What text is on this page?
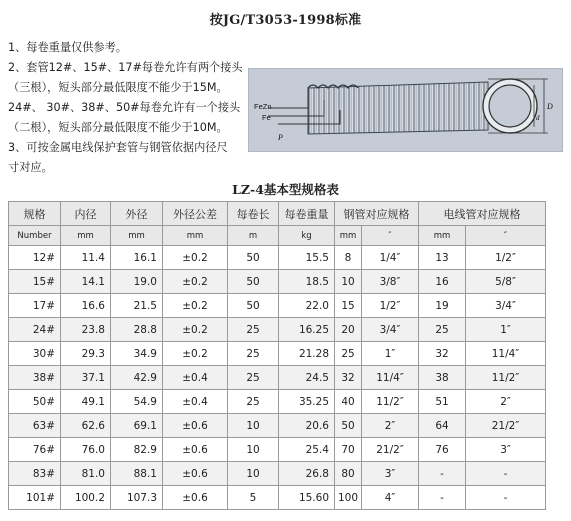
按JG/T3053-1998标准
1、每卷重量仅供参考。
2、套管12#、15#、17#每卷允许有两个接头
（三根），短头部分最低限度不能少于15M。
24#、 30#、38#、50#每卷允许有一个接头
（二根），短头部分最低限度不能少于10M。
3、可按金属电线保护套管与钢管依据内径尺
寸对应。
FeZn
Fe
P
D
d
LZ-4基本型规格表
规格	内径	外径	外径公差	每卷长	每卷重量	钢管对应规格		电线管对应规格	
Number	mm	mm	mm	m	kg	mm	″	mm	″
12#	11.4	16.1	±0.2	50	15.5	8	1/4″	13	1/2″
15#	14.1	19.0	±0.2	50	18.5	10	3/8″	16	5/8″
17#	16.6	21.5	±0.2	50	22.0	15	1/2″	19	3/4″
24#	23.8	28.8	±0.2	25	16.25	20	3/4″	25	1″
30#	29.3	34.9	±0.2	25	21.28	25	1″	32	11/4″
38#	37.1	42.9	±0.4	25	24.5	32	11/4″	38	11/2″
50#	49.1	54.9	±0.4	25	35.25	40	11/2″	51	2″
63#	62.6	69.1	±0.6	10	20.6	50	2″	64	21/2″
76#	76.0	82.9	±0.6	10	25.4	70	21/2″	76	3″
83#	81.0	88.1	±0.6	10	26.8	80	3″	-	-
101#	100.2	107.3	±0.6	5	15.60	100	4″	-	-
